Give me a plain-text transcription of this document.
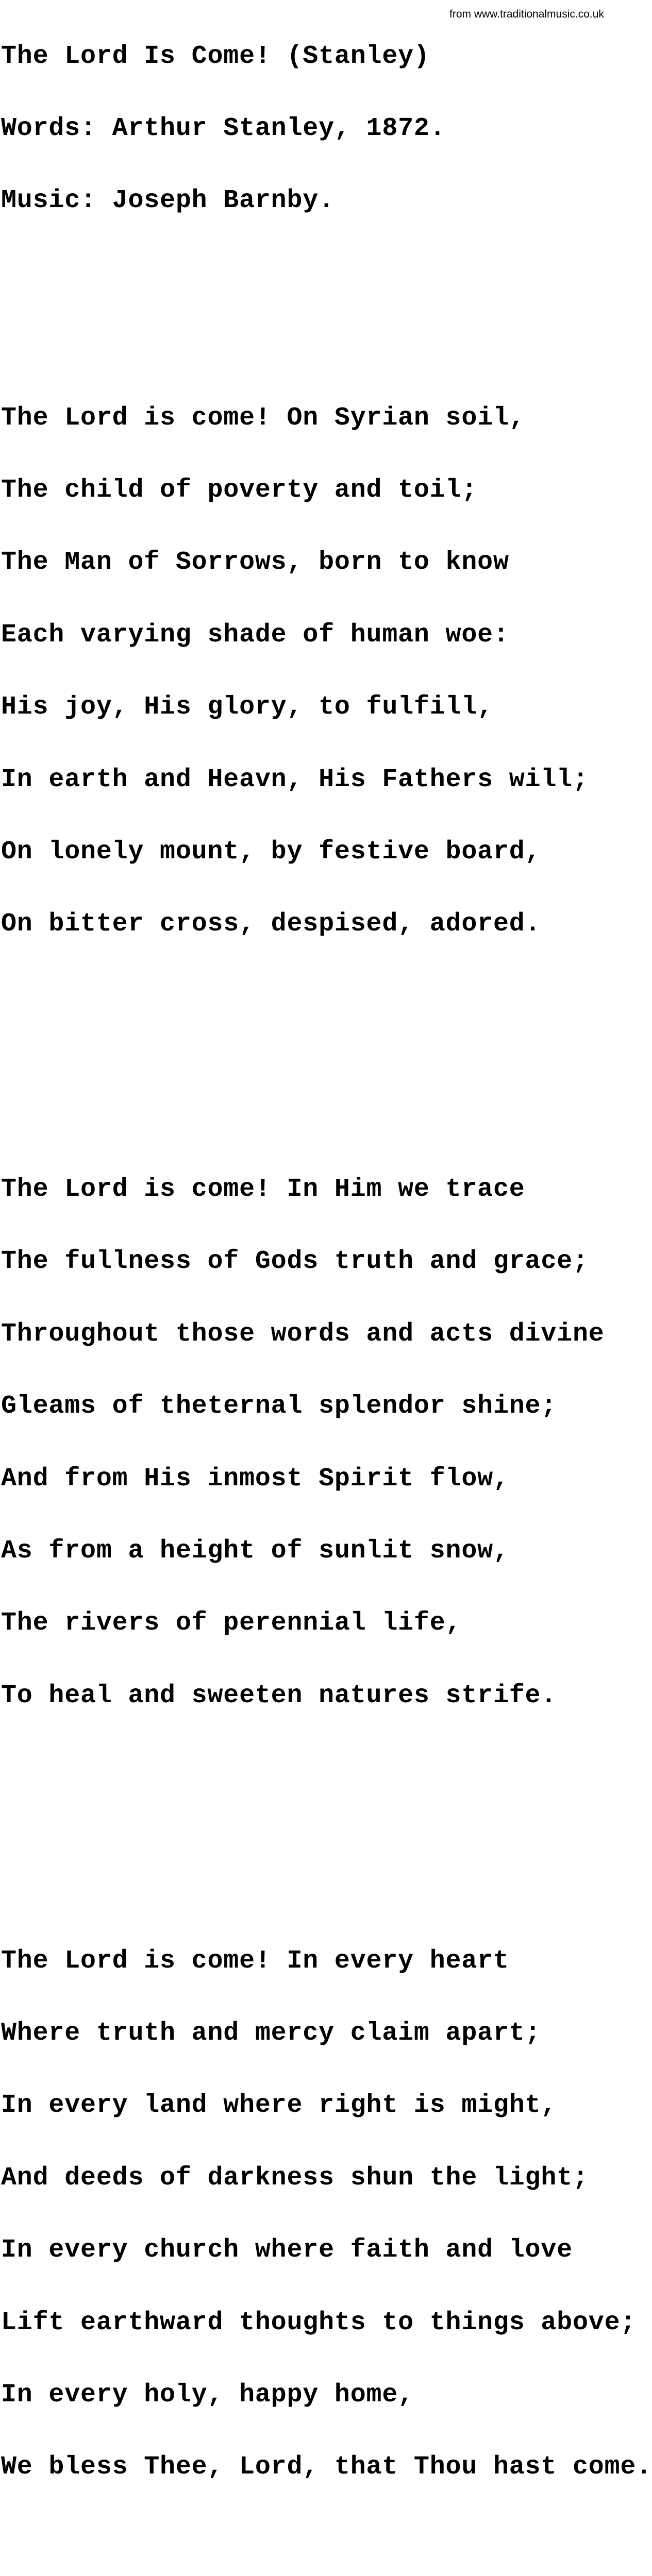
from www.traditionalmusic.co.uk

The Lord Is Come! (Stanley)

Words: Arthur Stanley, 1872.

Music: Joseph Barnby.

The Lord is come! On Syrian soil,

The child of poverty and toil;

The Man of Sorrows, born to know

Each varying shade of human woe:

His joy, His glory, to fulfill,

In earth and Heavn, His Fathers will;

On lonely mount, by festive board,

On bitter cross, despised, adored.

The Lord is come! In Him we trace

The fullness of Gods truth and grace;

Throughout those words and acts divine

Gleams of theternal splendor shine;

And from His inmost Spirit flow,

As from a height of sunlit snow,

The rivers of perennial life,

To heal and sweeten natures strife.

The Lord is come! In every heart

Where truth and mercy claim apart;

In every land where right is might,

And deeds of darkness shun the light;

In every church where faith and love

Lift earthward thoughts to things above;

In every holy, happy home,

We bless Thee, Lord, that Thou hast come.
